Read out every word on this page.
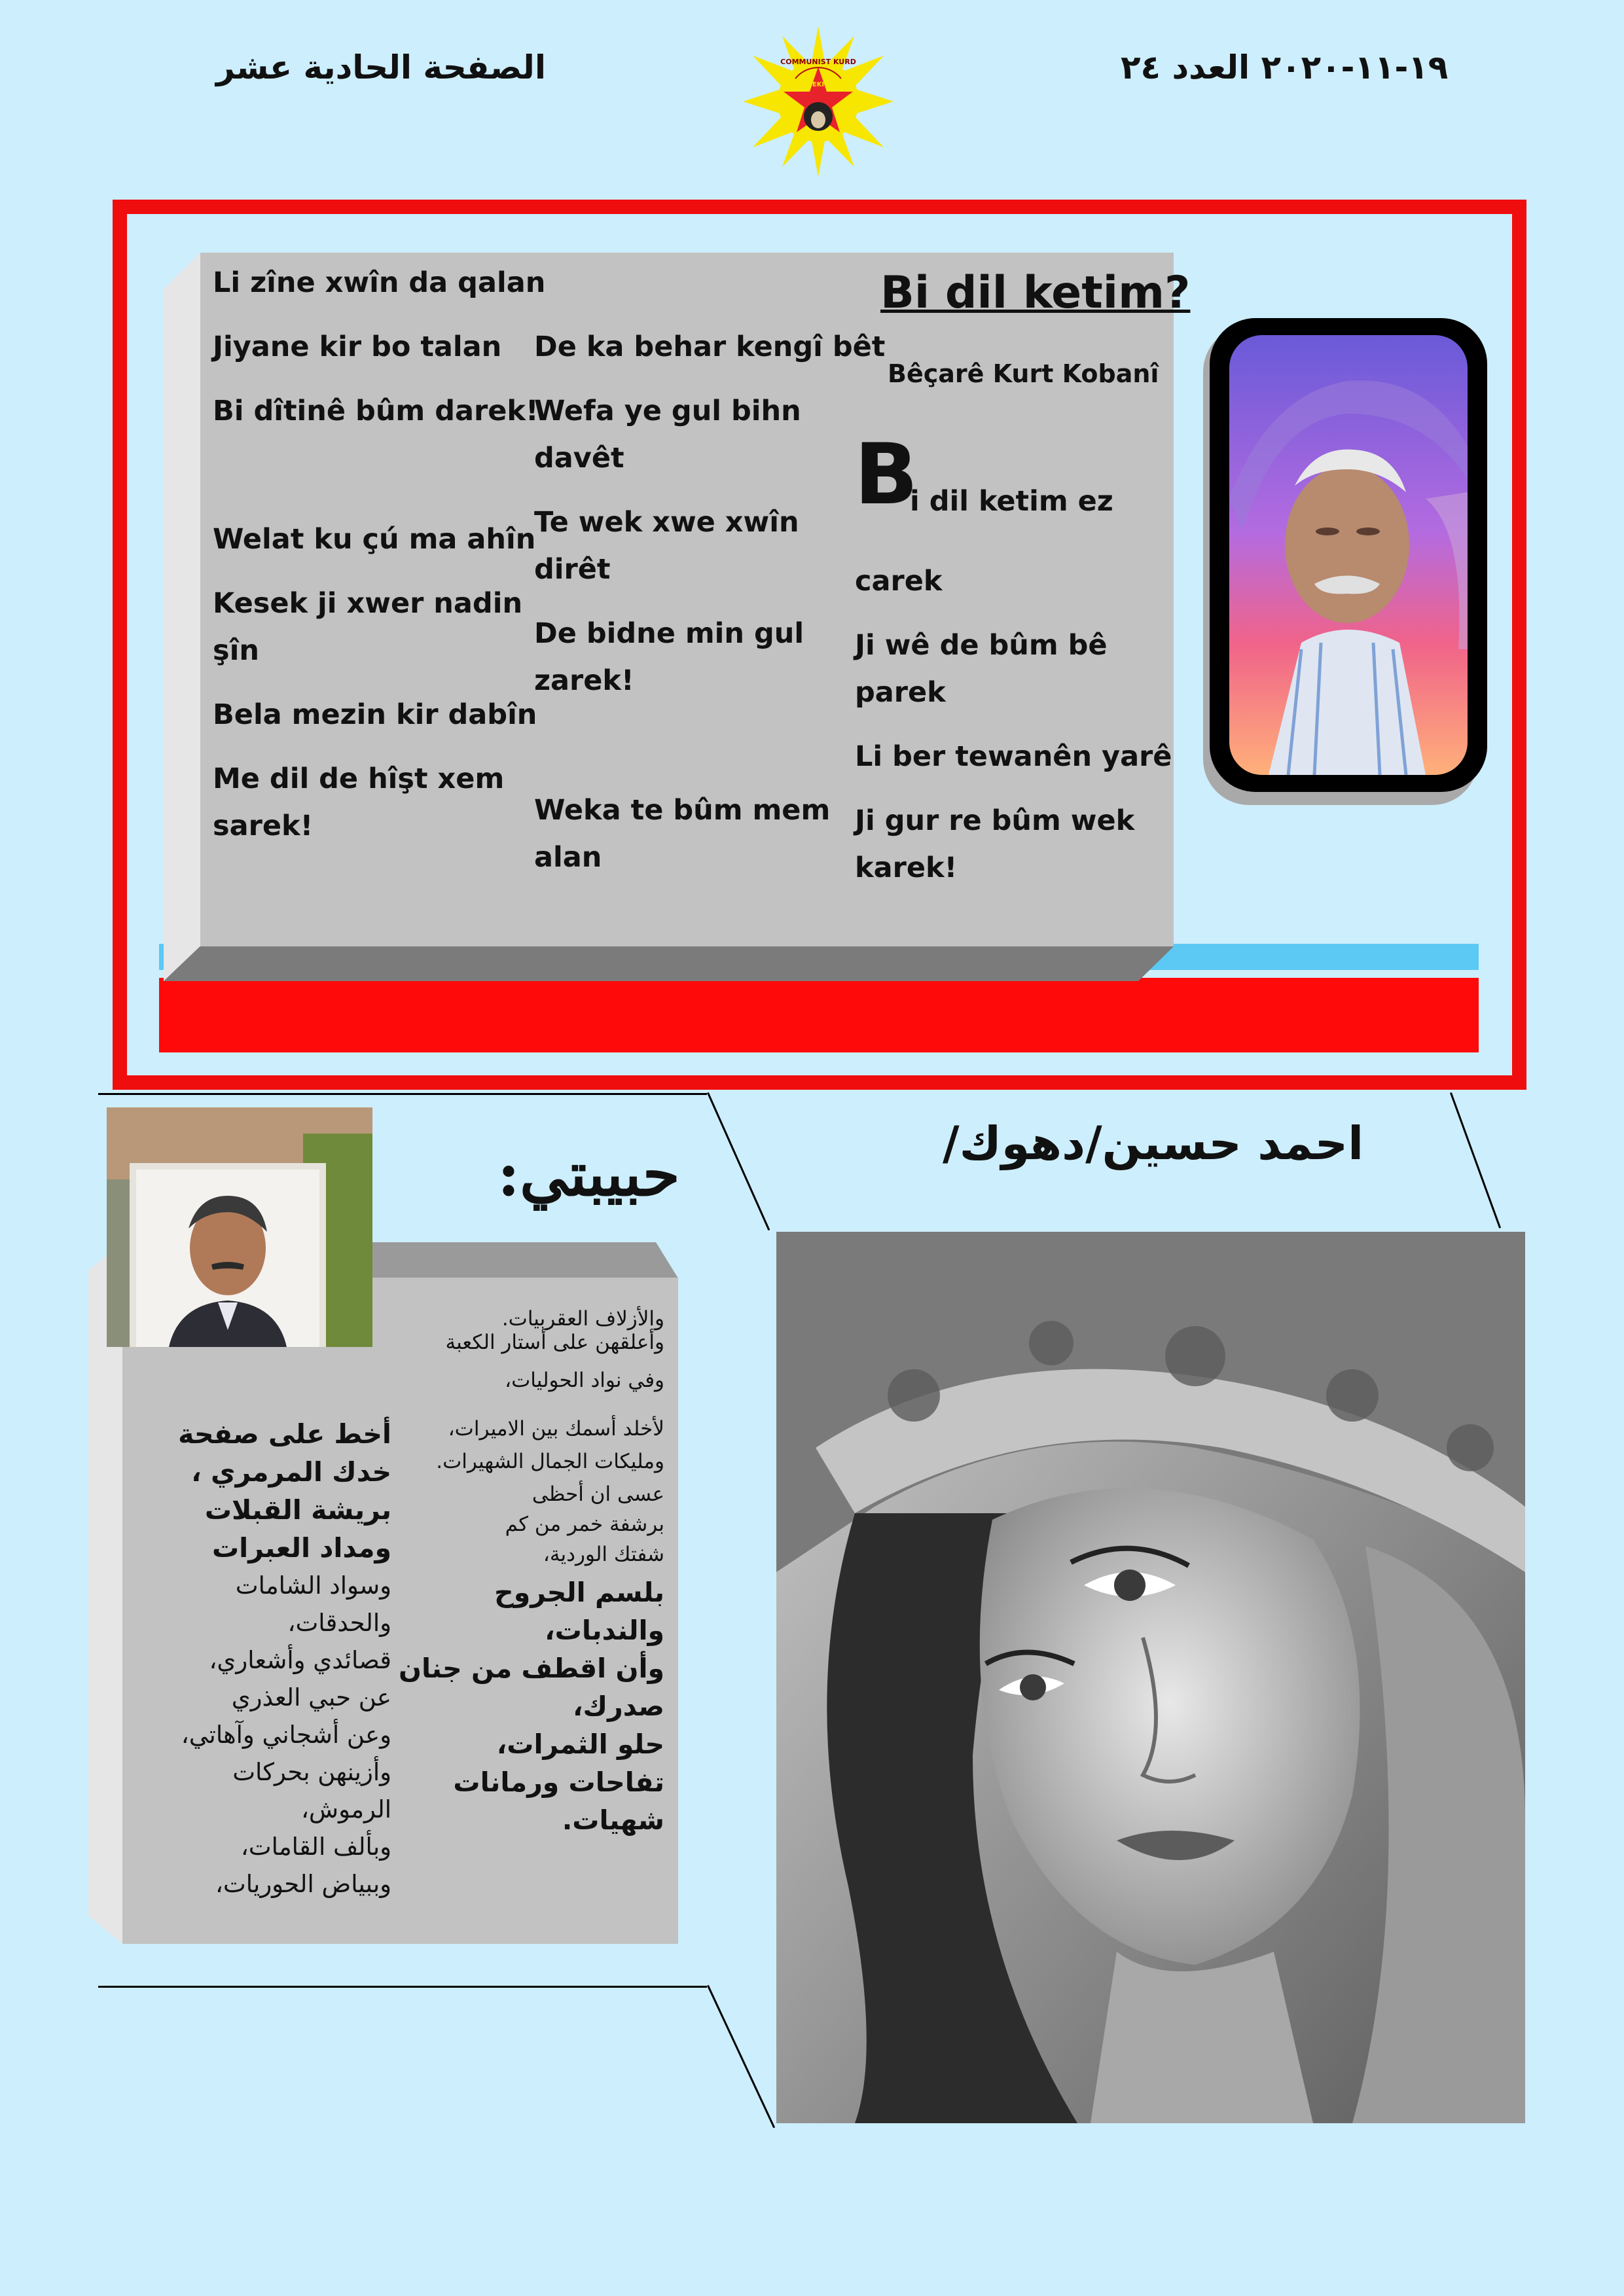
الصفحة الحادية عشر	١٩-١١-٢٠٢٠ العدد ٢٤
COMMUNIST KURD
NEKIN
Bi dil ketim?
Bêçarê Kurt Kobanî
B
i dil ketim ez
carek
Ji wê de bûm bê
parek
Li ber tewanên yarê
Ji gur re bûm wek
karek!
De ka behar kengî bêt
Wefa ye gul bihn
davêt
Te wek xwe xwîn
dirêt
De bidne min gul
zarek!
Weka te bûm mem
alan
Li zîne xwîn da qalan
Jiyane kir bo talan
Bi dîtinê bûm darek!
Welat ku çú ma ahîn
Kesek ji xwer nadin
şîn
Bela mezin kir dabîn
Me dil de hîşt xem
sarek!
احمد حسين/دهوك/
حبيبتي:
والأزلاف العقربيات.
وأعلقهن على أستار الكعبة
وفي نواد الحوليات،
لأخلد أسمك بين الاميرات،
ومليكات الجمال الشهيرات.
عسى ان أحظى
برشفة خمر من كم
شفتك الوردية،
بلسم الجروح
والندبات،
وأن اقطف من جنان
صدرك،
حلو الثمرات،
تفاحات ورمانات
شهيات.
أخط على صفحة
خدك المرمري ،
بريشة القبلات
ومداد العبرات
وسواد الشامات
والحدقات،
قصائدي وأشعاري،
عن حبي العذري
وعن أشجاني وآهاتي،
وأزينهن بحركات
الرموش،
وبألف القامات،
وببياض الحوريات،
